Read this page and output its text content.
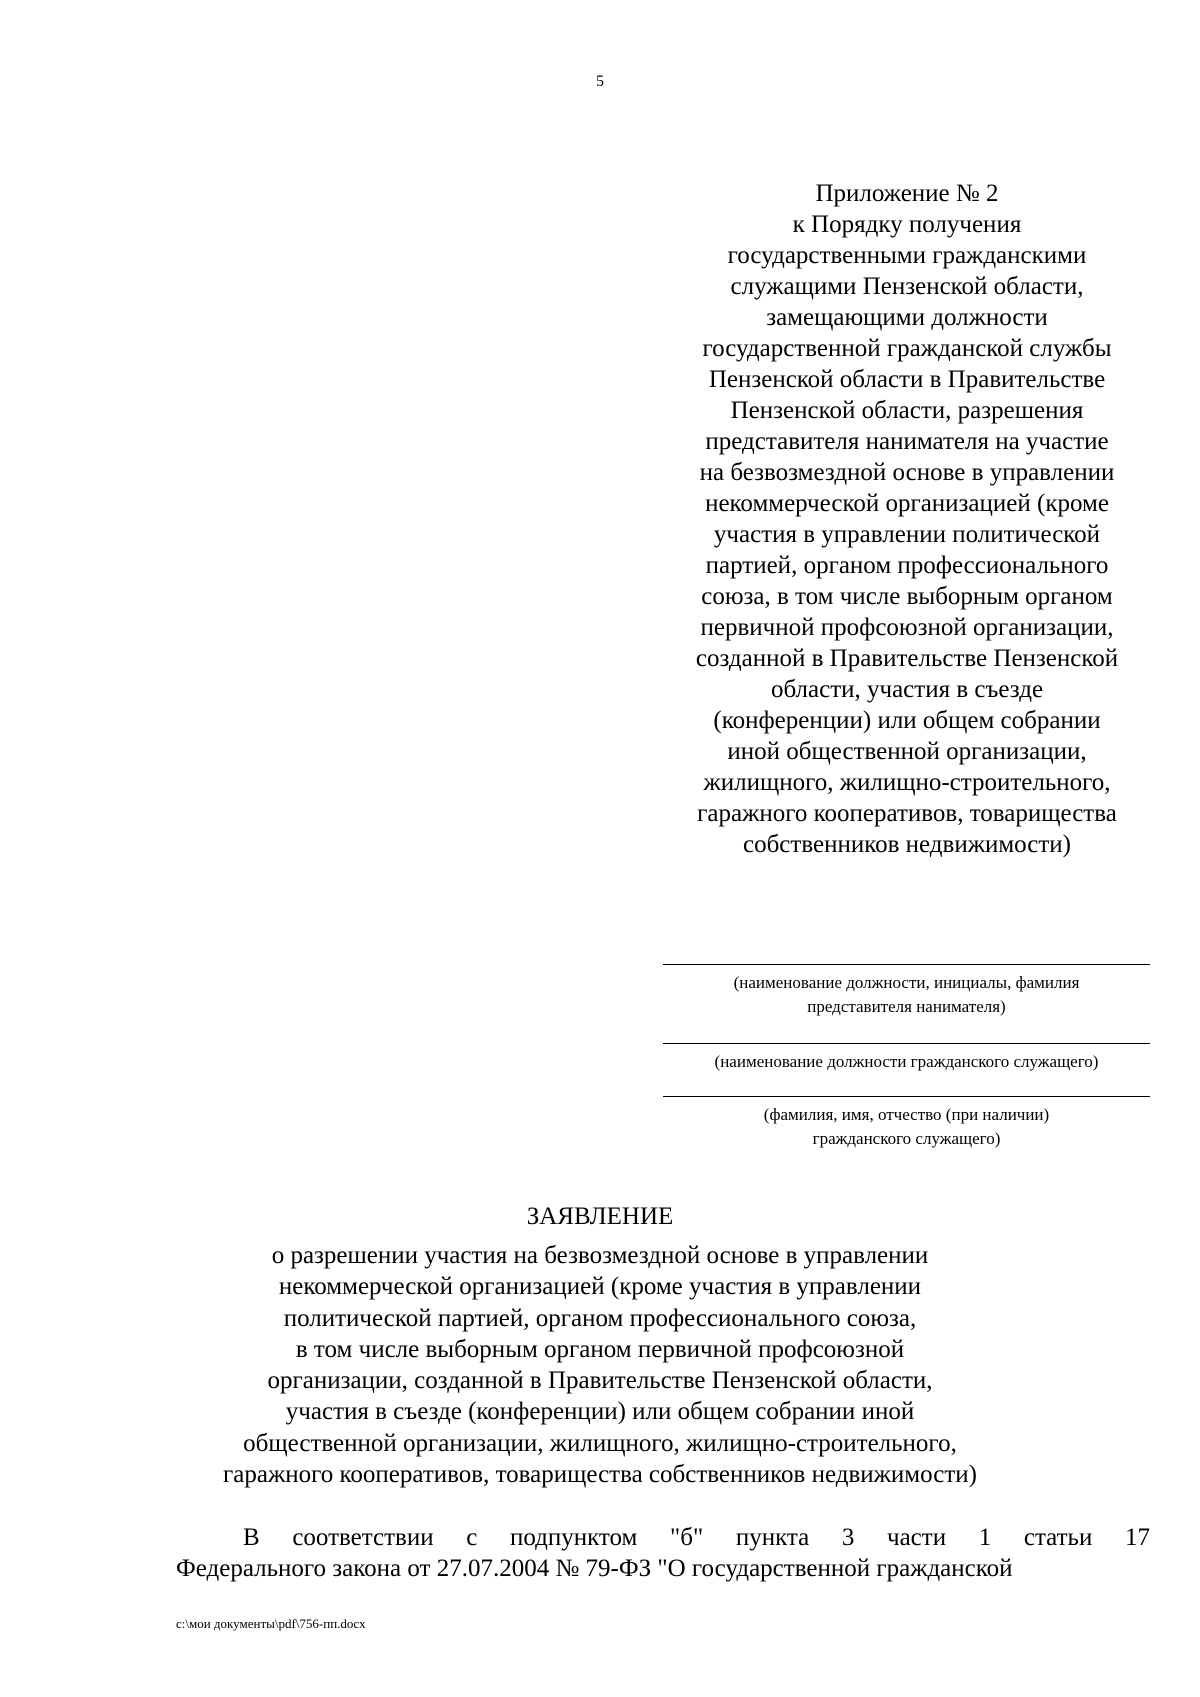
5
Приложение № 2
к Порядку получения
государственными гражданскими
служащими Пензенской области,
замещающими должности
государственной гражданской службы
Пензенской области в Правительстве
Пензенской области, разрешения
представителя нанимателя на участие
на безвозмездной основе в управлении
некоммерческой организацией (кроме
участия в управлении политической
партией, органом профессионального
союза, в том числе выборным органом
первичной профсоюзной организации,
созданной в Правительстве Пензенской
области, участия в съезде
(конференции) или общем собрании
иной общественной организации,
жилищного, жилищно-строительного,
гаражного кооперативов, товарищества
собственников недвижимости)
(наименование должности, инициалы, фамилия
представителя нанимателя)
(наименование должности гражданского служащего)
(фамилия, имя, отчество (при наличии)
гражданского служащего)
ЗАЯВЛЕНИЕ
о разрешении участия на безвозмездной основе в управлении
некоммерческой организацией (кроме участия в управлении
политической партией, органом профессионального союза,
в том числе выборным органом первичной профсоюзной
организации, созданной в Правительстве Пензенской области,
участия в съезде (конференции) или общем собрании иной
общественной организации, жилищного, жилищно-строительного,
гаражного кооперативов, товарищества собственников недвижимости)
В соответствии с подпунктом "б" пункта 3 части 1 статьи 17
Федерального закона от 27.07.2004 № 79-ФЗ "О государственной гражданской
c:\мои документы\pdf\756-пп.docx
